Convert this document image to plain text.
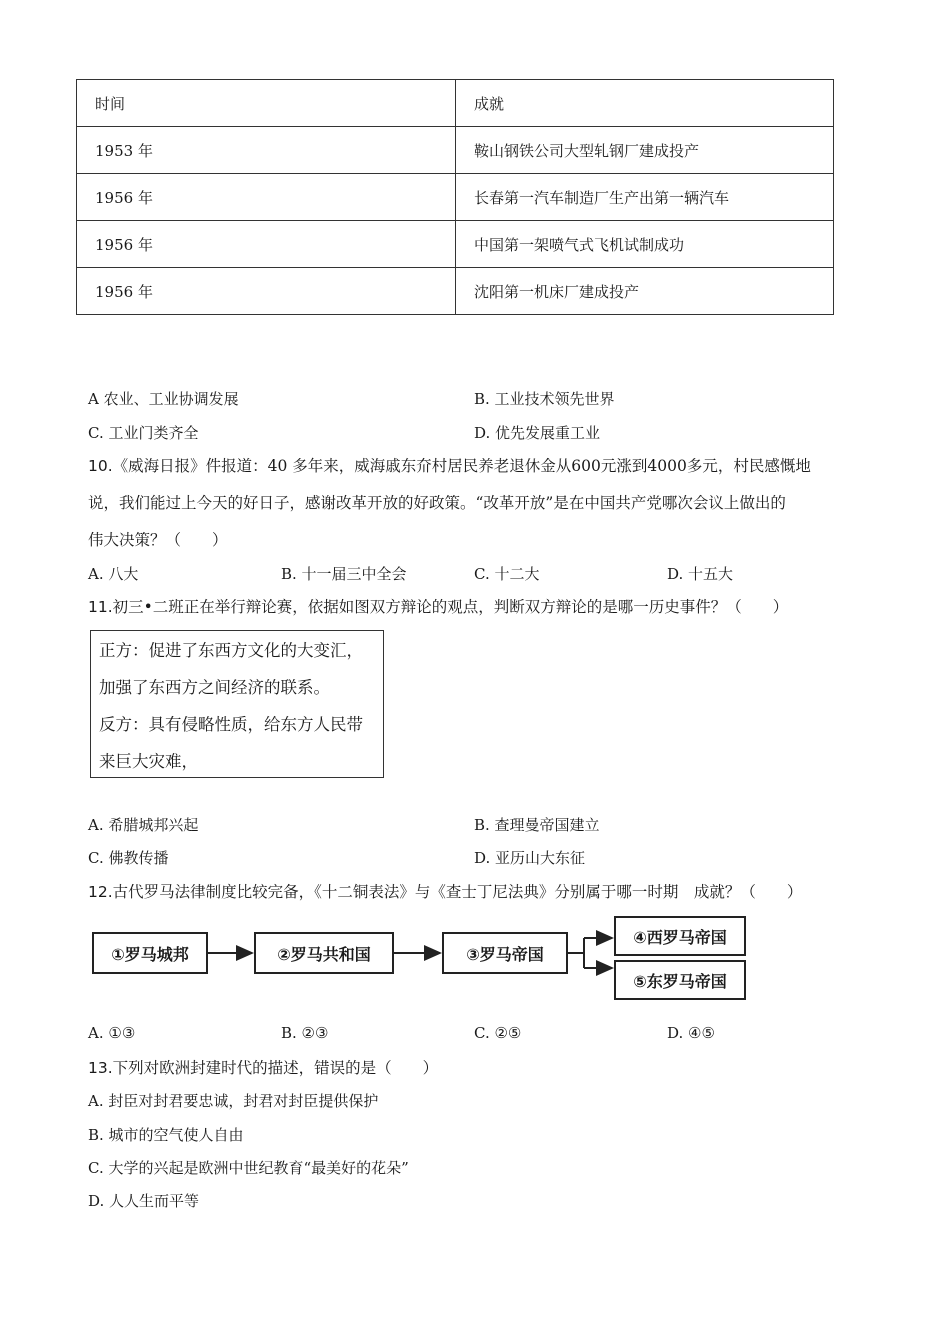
时间	成就
1953 年	鞍山钢铁公司大型轧钢厂建成投产
1956 年	长春第一汽车制造厂生产出第一辆汽车
1956 年	中国第一架喷气式飞机试制成功
1956 年	沈阳第一机床厂建成投产
A 农业、工业协调发展	B. 工业技术领先世界
C. 工业门类齐全	D. 优先发展重工业
10.《威海日报》件报道：40 多年来，威海戚东夼村居民养老退休金从600元涨到4000多元，村民感慨地
说，我们能过上今天的好日子，感谢改革开放的好政策。“改革开放”是在中国共产党哪次会议上做出的
伟大决策？（　　）
A. 八大	B. 十一届三中全会	C. 十二大	D. 十五大
11.初三•二班正在举行辩论赛，依据如图双方辩论的观点，判断双方辩论的是哪一历史事件？（　　）
正方：促进了东西方文化的大变汇，
加强了东西方之间经济的联系。
反方：具有侵略性质，给东方人民带
来巨大灾难，
A. 希腊城邦兴起	B. 查理曼帝国建立
C. 佛教传播	D. 亚历山大东征
12.古代罗马法律制度比较完备，《十二铜表法》与《查士丁尼法典》分别属于哪一时期　成就？（　　）
①罗马城邦	②罗马共和国	③罗马帝国
④西罗马帝国
⑤东罗马帝国
A. ①③	B. ②③	C. ②⑤	D. ④⑤
13.下列对欧洲封建时代的描述，错误的是（　　）
A. 封臣对封君要忠诚，封君对封臣提供保护
B. 城市的空气使人自由
C. 大学的兴起是欧洲中世纪教育“最美好的花朵”
D. 人人生而平等
